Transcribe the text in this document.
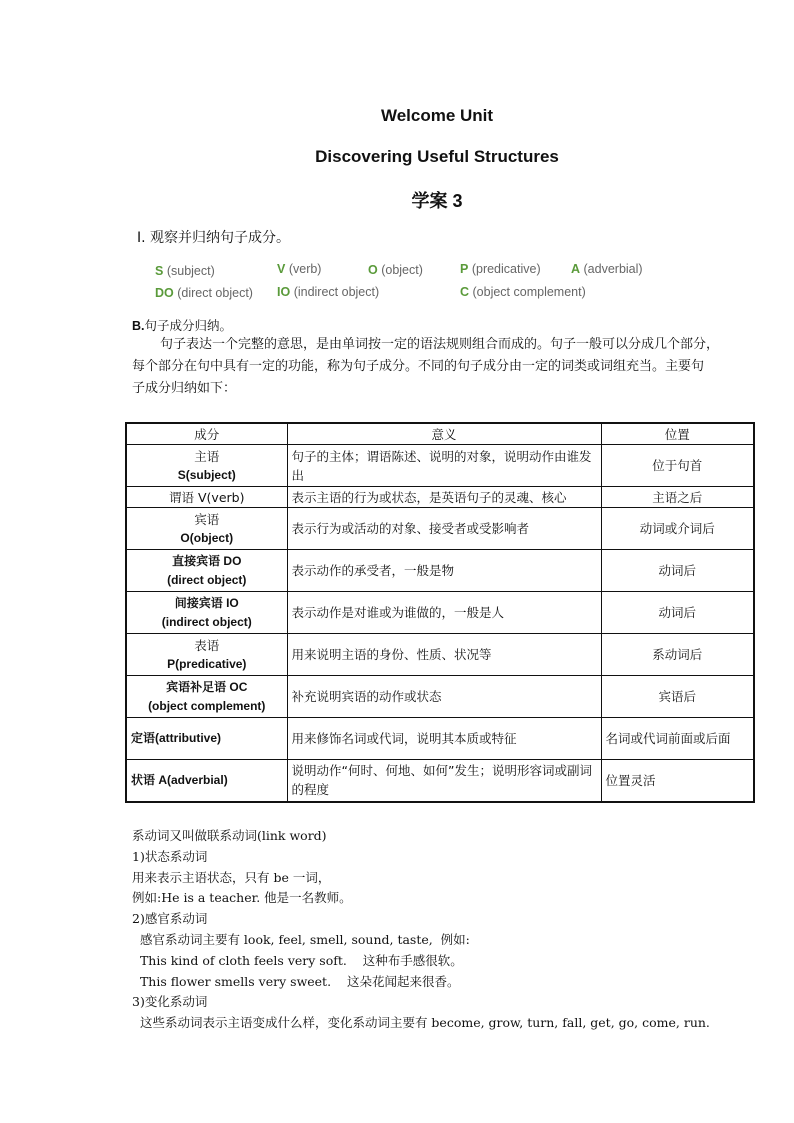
Welcome Unit
Discovering Useful Structures
学案 3
Ⅰ. 观察并归纳句子成分。
S (subject)	V (verb)	O (object)	P (predicative) A (adverbial)
DO (direct object) IO (indirect object)	C (object complement)
B.句子成分归纳。
句子表达一个完整的意思，是由单词按一定的语法规则组合而成的。句子一般可以分成几个部分，
每个部分在句中具有一定的功能，称为句子成分。不同的句子成分由一定的词类或词组充当。主要句
子成分归纳如下：
成分	意义	位置

主语
S(subject)	句子的主体；谓语陈述、说明的对象，说明动作由谁发出	位于句首

谓语 V(verb)	表示主语的行为或状态，是英语句子的灵魂、核心	主语之后

宾语
O(object)	表示行为或活动的对象、接受者或受影响者	动词或介词后

直接宾语 DO
(direct object)	表示动作的承受者，一般是物	动词后

间接宾语 IO
(indirect object)	表示动作是对谁或为谁做的，一般是人	动词后

表语
P(predicative)	用来说明主语的身份、性质、状况等	系动词后

宾语补足语 OC
(object complement)	补充说明宾语的动作或状态	宾语后

定语(attributive)	用来修饰名词或代词，说明其本质或特征	名词或代词前面或后面

状语 A(adverbial)	说明动作“何时、何地、如何”发生；说明形容词或副词的程度	位置灵活
系动词又叫做联系动词(link word)
1)状态系动词
用来表示主语状态，只有 be 一词，
例如:He is a teacher. 他是一名教师。
2)感官系动词
感官系动词主要有 look, feel, smell, sound, taste,  例如:
This kind of cloth feels very soft.    这种布手感很软。
This flower smells very sweet.    这朵花闻起来很香。
3)变化系动词
这些系动词表示主语变成什么样，变化系动词主要有 become, grow, turn, fall, get, go, come, run.
